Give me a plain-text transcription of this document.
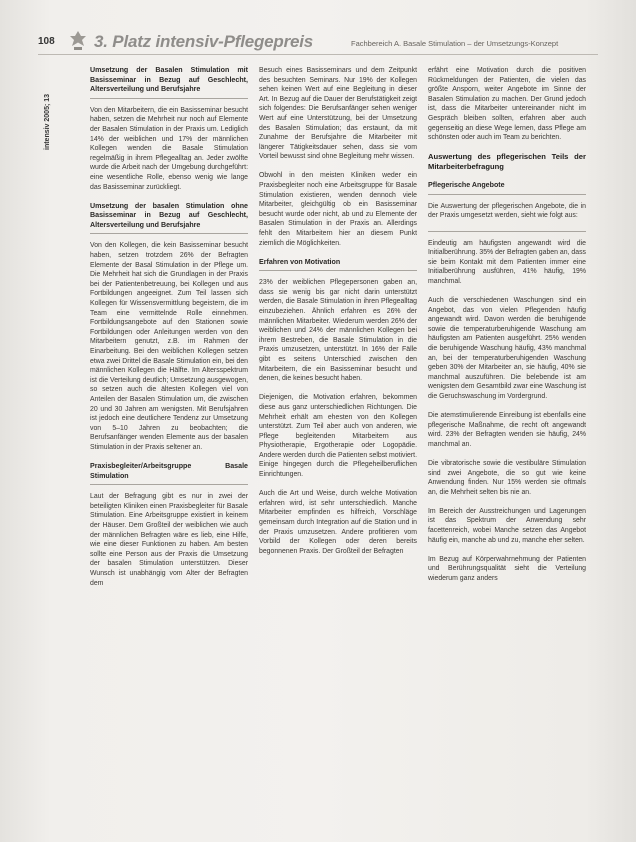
108 3. Platz intensiv-Pflegepreis	Fachbereich A. Basale Stimulation – der Umsetzungs-Konzept
intensiv 2005; 13
Umsetzung der Basalen Stimulation mit Basisseminar in Bezug auf Geschlecht, Altersverteilung und Berufsjahre

Von den Mitarbeitern, die ein Basisseminar besucht haben, setzen die Mehrheit nur noch auf Elemente der Basalen Stimulation in der Praxis um. Lediglich 14% der weiblichen und 17% der männlichen Kollegen wenden die Basale Stimulation regelmäßig in ihrem Pflegealltag an. Jeder zwölfte wurde die Arbeit nach der Umgebung durchgeführt: eine wesentliche Rolle, ebenso wenig wie lange das Basisseminar zurückliegt.

Umsetzung der basalen Stimulation ohne Basisseminar in Bezug auf Geschlecht, Altersverteilung und Berufsjahre

Von den Kollegen, die kein Basisseminar besucht haben, setzen trotzdem 26% der Befragten Elemente der Basal Stimulation in der Pflege um. Die Mehrheit hat sich die Grundlagen in der Praxis bei der Patientenbetreuung, bei Kollegen und aus Fortbildungen angeeignet. Zum Teil lassen sich Kollegen für Wissensvermittlung begeistern, die im Team eine vermittelnde Rolle einnehmen. Fortbildungsangebote auf den Stationen sowie Fortbildungen oder Anleitungen werden von den Mitarbeitern genutzt, z.B. im Rahmen der Einarbeitung. Bei den weiblichen Kollegen setzen etwa zwei Drittel die Basale Stimulation ein, bei den männlichen Kollegen die Hälfte. Im Altersspektrum ist die Verteilung deutlich; Umsetzung ausgewogen, so setzen auch die ältesten Kollegen viel von Anteilen der Basalen Stimulation um, die zwischen 20 und 30 Jahren am wenigsten. Mit Berufsjahren ist jedoch eine deutlichere Tendenz zur Umsetzung von 5–10 Jahren zu beobachten; die Berufsanfänger wenden Elemente aus der basalen Stimulation in der Praxis seltener an.

Praxisbegleiter/Arbeitsgruppe Basale Stimulation

Laut der Befragung gibt es nur in zwei der beteiligten Kliniken einen Praxisbegleiter für Basale Stimulation. Eine Arbeitsgruppe existiert in keinem der Häuser. Dem Großteil der weiblichen wie auch der männlichen Befragten wäre es lieb, eine Hilfe, wie eine dieser Funktionen zu haben. Am besten sollte eine Person aus der Praxis die Umsetzung der basalen Stimulation unterstützen. Dieser Wunsch ist unabhängig vom Alter der Befragten dem

Besuch eines Basisseminars und dem Zeitpunkt des besuchten Seminars. Nur 19% der Kollegen sehen keinen Wert auf eine Begleitung in dieser Art. In Bezug auf die Dauer der Berufstätigkeit zeigt sich folgendes: Die Berufsanfänger sehen weniger Wert auf eine Unterstützung, bei der Umsetzung des Basalen Stimulation; das erstaunt, da mit Zunahme der Berufsjahre die Mitarbeiter mit längerer Tätigkeitsdauer sehen, dass sie vom Vorteil bewusst sind ohne Begleitung mehr wissen.

Obwohl in den meisten Kliniken weder ein Praxisbegleiter noch eine Arbeitsgruppe für Basale Stimulation existieren, wenden dennoch viele Mitarbeiter, gleichgültig ob ein Basisseminar besucht wurde oder nicht, ab und zu Elemente der Basalen Stimulation in der Praxis an. Allerdings fehlt den Mitarbeitern hier an diesem Punkt ziemlich die Möglichkeiten.

Erfahren von Motivation

23% der weiblichen Pflegepersonen gaben an, dass sie wenig bis gar nicht darin unterstützt werden, die Basale Stimulation in ihren Pflegealltag einzubeziehen. Ähnlich erfahren es 26% der männlichen Mitarbeiter. Wiederum werden 26% der weiblichen und 24% der männlichen Kollegen bei ihrem Bestreben, die Basale Stimulation in die Praxis umzusetzen, unterstützt. In 16% der Fälle gibt es seitens Unterschied zwischen den Mitarbeitern, die ein Basisseminar besucht und denen, die keines besucht haben.

Diejenigen, die Motivation erfahren, bekommen diese aus ganz unterschiedlichen Richtungen. Die Mehrheit erhält am ehesten von den Kollegen unterstützt. Zum Teil aber auch von anderen, wie Pflege begleitenden Mitarbeitern aus Physiotherapie, Ergotherapie oder Logopädie. Andere werden durch die Patienten selbst motiviert. Einige hingegen durch die Pflegeheilberuflichen Einrichtungen.

Auch die Art und Weise, durch welche Motivation erfahren wird, ist sehr unterschiedlich. Manche Mitarbeiter empfinden es hilfreich, Vorschläge gemeinsam durch Integration auf die Station und in der Praxis umzusetzen. Andere profitieren vom Vorbild der Kollegen oder deren bereits begonnenen Praxis. Der Großteil der Befragten

erfährt eine Motivation durch die positiven Rückmeldungen der Patienten, die vielen das größte Ansporn, weiter Angebote im Sinne der Basalen Stimulation zu machen. Der Grund jedoch ist, dass die Mitarbeiter untereinander nicht im Gespräch bleiben sollten, erfahren aber auch gegenseitig an diese Wege lernen, dass Pflege am schönsten oder auch im Team zu berichten.

Auswertung des pflegerischen Teils der Mitarbeiterbefragung
Pflegerische Angebote

Die Auswertung der pflegerischen Angebote, die in der Praxis umgesetzt werden, sieht wie folgt aus:

Eindeutig am häufigsten angewandt wird die Initialberührung. 35% der Befragten gaben an, dass sie beim Kontakt mit dem Patienten immer eine Initialberührung ausführen, 41% häufig, 19% manchmal.

Auch die verschiedenen Waschungen sind ein Angebot, das von vielen Pflegenden häufig angewandt wird. Davon werden die beruhigende sowie die temperaturberuhigende Waschung am häufigsten am Patienten ausgeführt. 25% wenden die beruhigende Waschung häufig, 43% manchmal an, bei der temperaturberuhigenden Waschung geben 30% der Mitarbeiter an, sie häufig, 40% sie manchmal auszuführen. Die belebende ist am wenigsten dem Gesamtbild zwar eine Waschung ist die Geruchswaschung im Vordergrund.

Die atemstimulierende Einreibung ist ebenfalls eine pflegerische Maßnahme, die recht oft angewandt wird. 23% der Befragten wenden sie häufig, 24% manchmal an.

Die vibratorische sowie die vestibuläre Stimulation sind zwei Angebote, die so gut wie keine Anwendung finden. Nur 15% werden sie oftmals an, die Mehrheit selten bis nie an.

Im Bereich der Ausstreichungen und Lagerungen ist das Spektrum der Anwendung sehr facettenreich, wobei Manche setzen das Angebot häufig ein, manche ab und zu, manche eher selten.

Im Bezug auf Körperwahrnehmung der Patienten und Berührungsqualität sieht die Verteilung wiederum ganz anders
